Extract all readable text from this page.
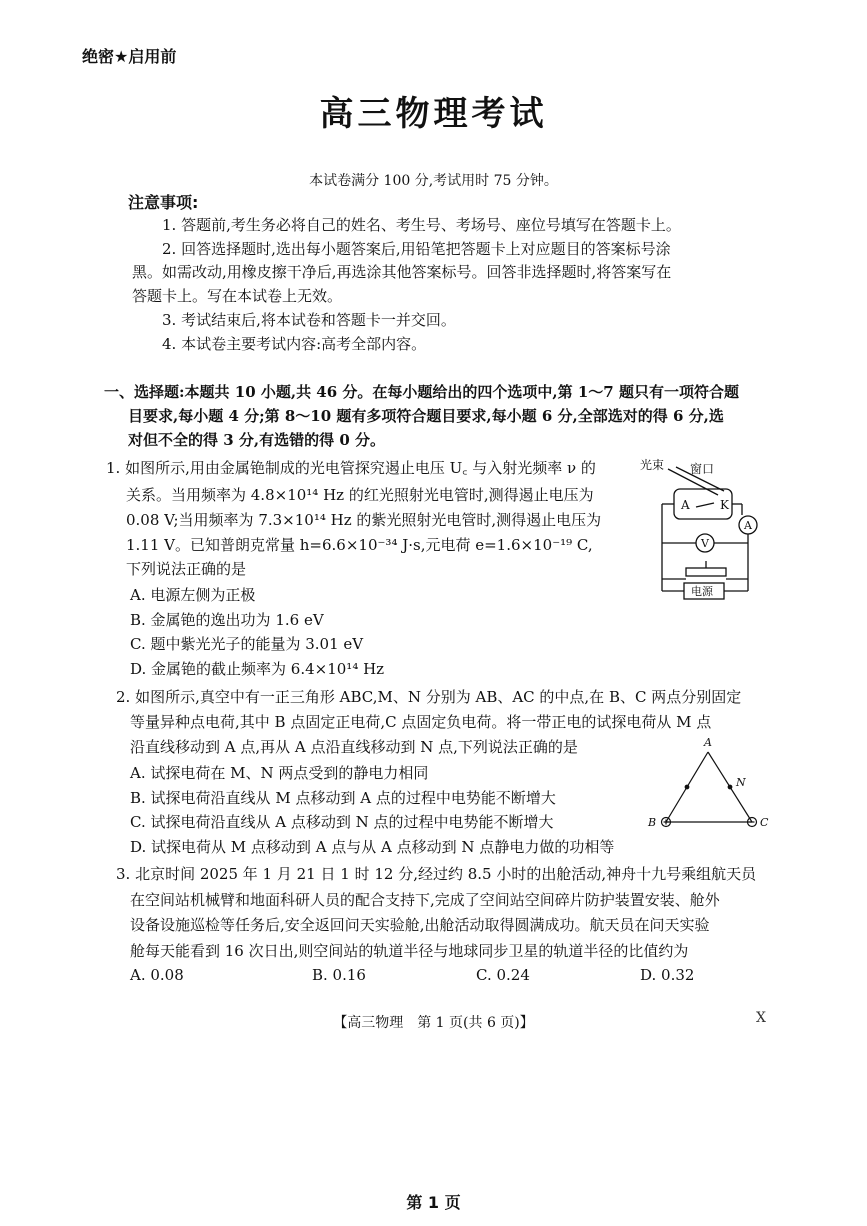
绝密★启用前
高三物理考试
本试卷满分 100 分,考试用时 75 分钟。
注意事项:
1. 答题前,考生务必将自己的姓名、考生号、考场号、座位号填写在答题卡上。
2. 回答选择题时,选出每小题答案后,用铅笔把答题卡上对应题目的答案标号涂
黑。如需改动,用橡皮擦干净后,再选涂其他答案标号。回答非选择题时,将答案写在
答题卡上。写在本试卷上无效。
3. 考试结束后,将本试卷和答题卡一并交回。
4. 本试卷主要考试内容:高考全部内容。
一、选择题:本题共 10 小题,共 46 分。在每小题给出的四个选项中,第 1～7 题只有一项符合题
目要求,每小题 4 分;第 8～10 题有多项符合题目要求,每小题 6 分,全部选对的得 6 分,选
对但不全的得 3 分,有选错的得 0 分。
1. 如图所示,用由金属铯制成的光电管探究遏止电压 U꜀ 与入射光频率 ν 的
关系。当用频率为 4.8×10¹⁴ Hz 的红光照射光电管时,测得遏止电压为
0.08 V;当用频率为 7.3×10¹⁴ Hz 的紫光照射光电管时,测得遏止电压为
1.11 V。已知普朗克常量 h=6.6×10⁻³⁴ J·s,元电荷 e=1.6×10⁻¹⁹ C,
下列说法正确的是
A. 电源左侧为正极
B. 金属铯的逸出功为 1.6 eV
C. 题中紫光光子的能量为 3.01 eV
D. 金属铯的截止频率为 6.4×10¹⁴ Hz
光束 窗口
A	K
A
V
电源
2. 如图所示,真空中有一正三角形 ABC,M、N 分别为 AB、AC 的中点,在 B、C 两点分别固定
等量异种点电荷,其中 B 点固定正电荷,C 点固定负电荷。将一带正电的试探电荷从 M 点
沿直线移动到 A 点,再从 A 点沿直线移动到 N 点,下列说法正确的是
A. 试探电荷在 M、N 两点受到的静电力相同
B. 试探电荷沿直线从 M 点移动到 A 点的过程中电势能不断增大
C. 试探电荷沿直线从 A 点移动到 N 点的过程中电势能不断增大
D. 试探电荷从 M 点移动到 A 点与从 A 点移动到 N 点静电力做的功相等
A
N
B	C
3. 北京时间 2025 年 1 月 21 日 1 时 12 分,经过约 8.5 小时的出舱活动,神舟十九号乘组航天员
在空间站机械臂和地面科研人员的配合支持下,完成了空间站空间碎片防护装置安装、舱外
设备设施巡检等任务后,安全返回问天实验舱,出舱活动取得圆满成功。航天员在问天实验
舱每天能看到 16 次日出,则空间站的轨道半径与地球同步卫星的轨道半径的比值约为
A. 0.08	B. 0.16	C. 0.24	D. 0.32
【高三物理　第 1 页(共 6 页)】	X
第 1 页
